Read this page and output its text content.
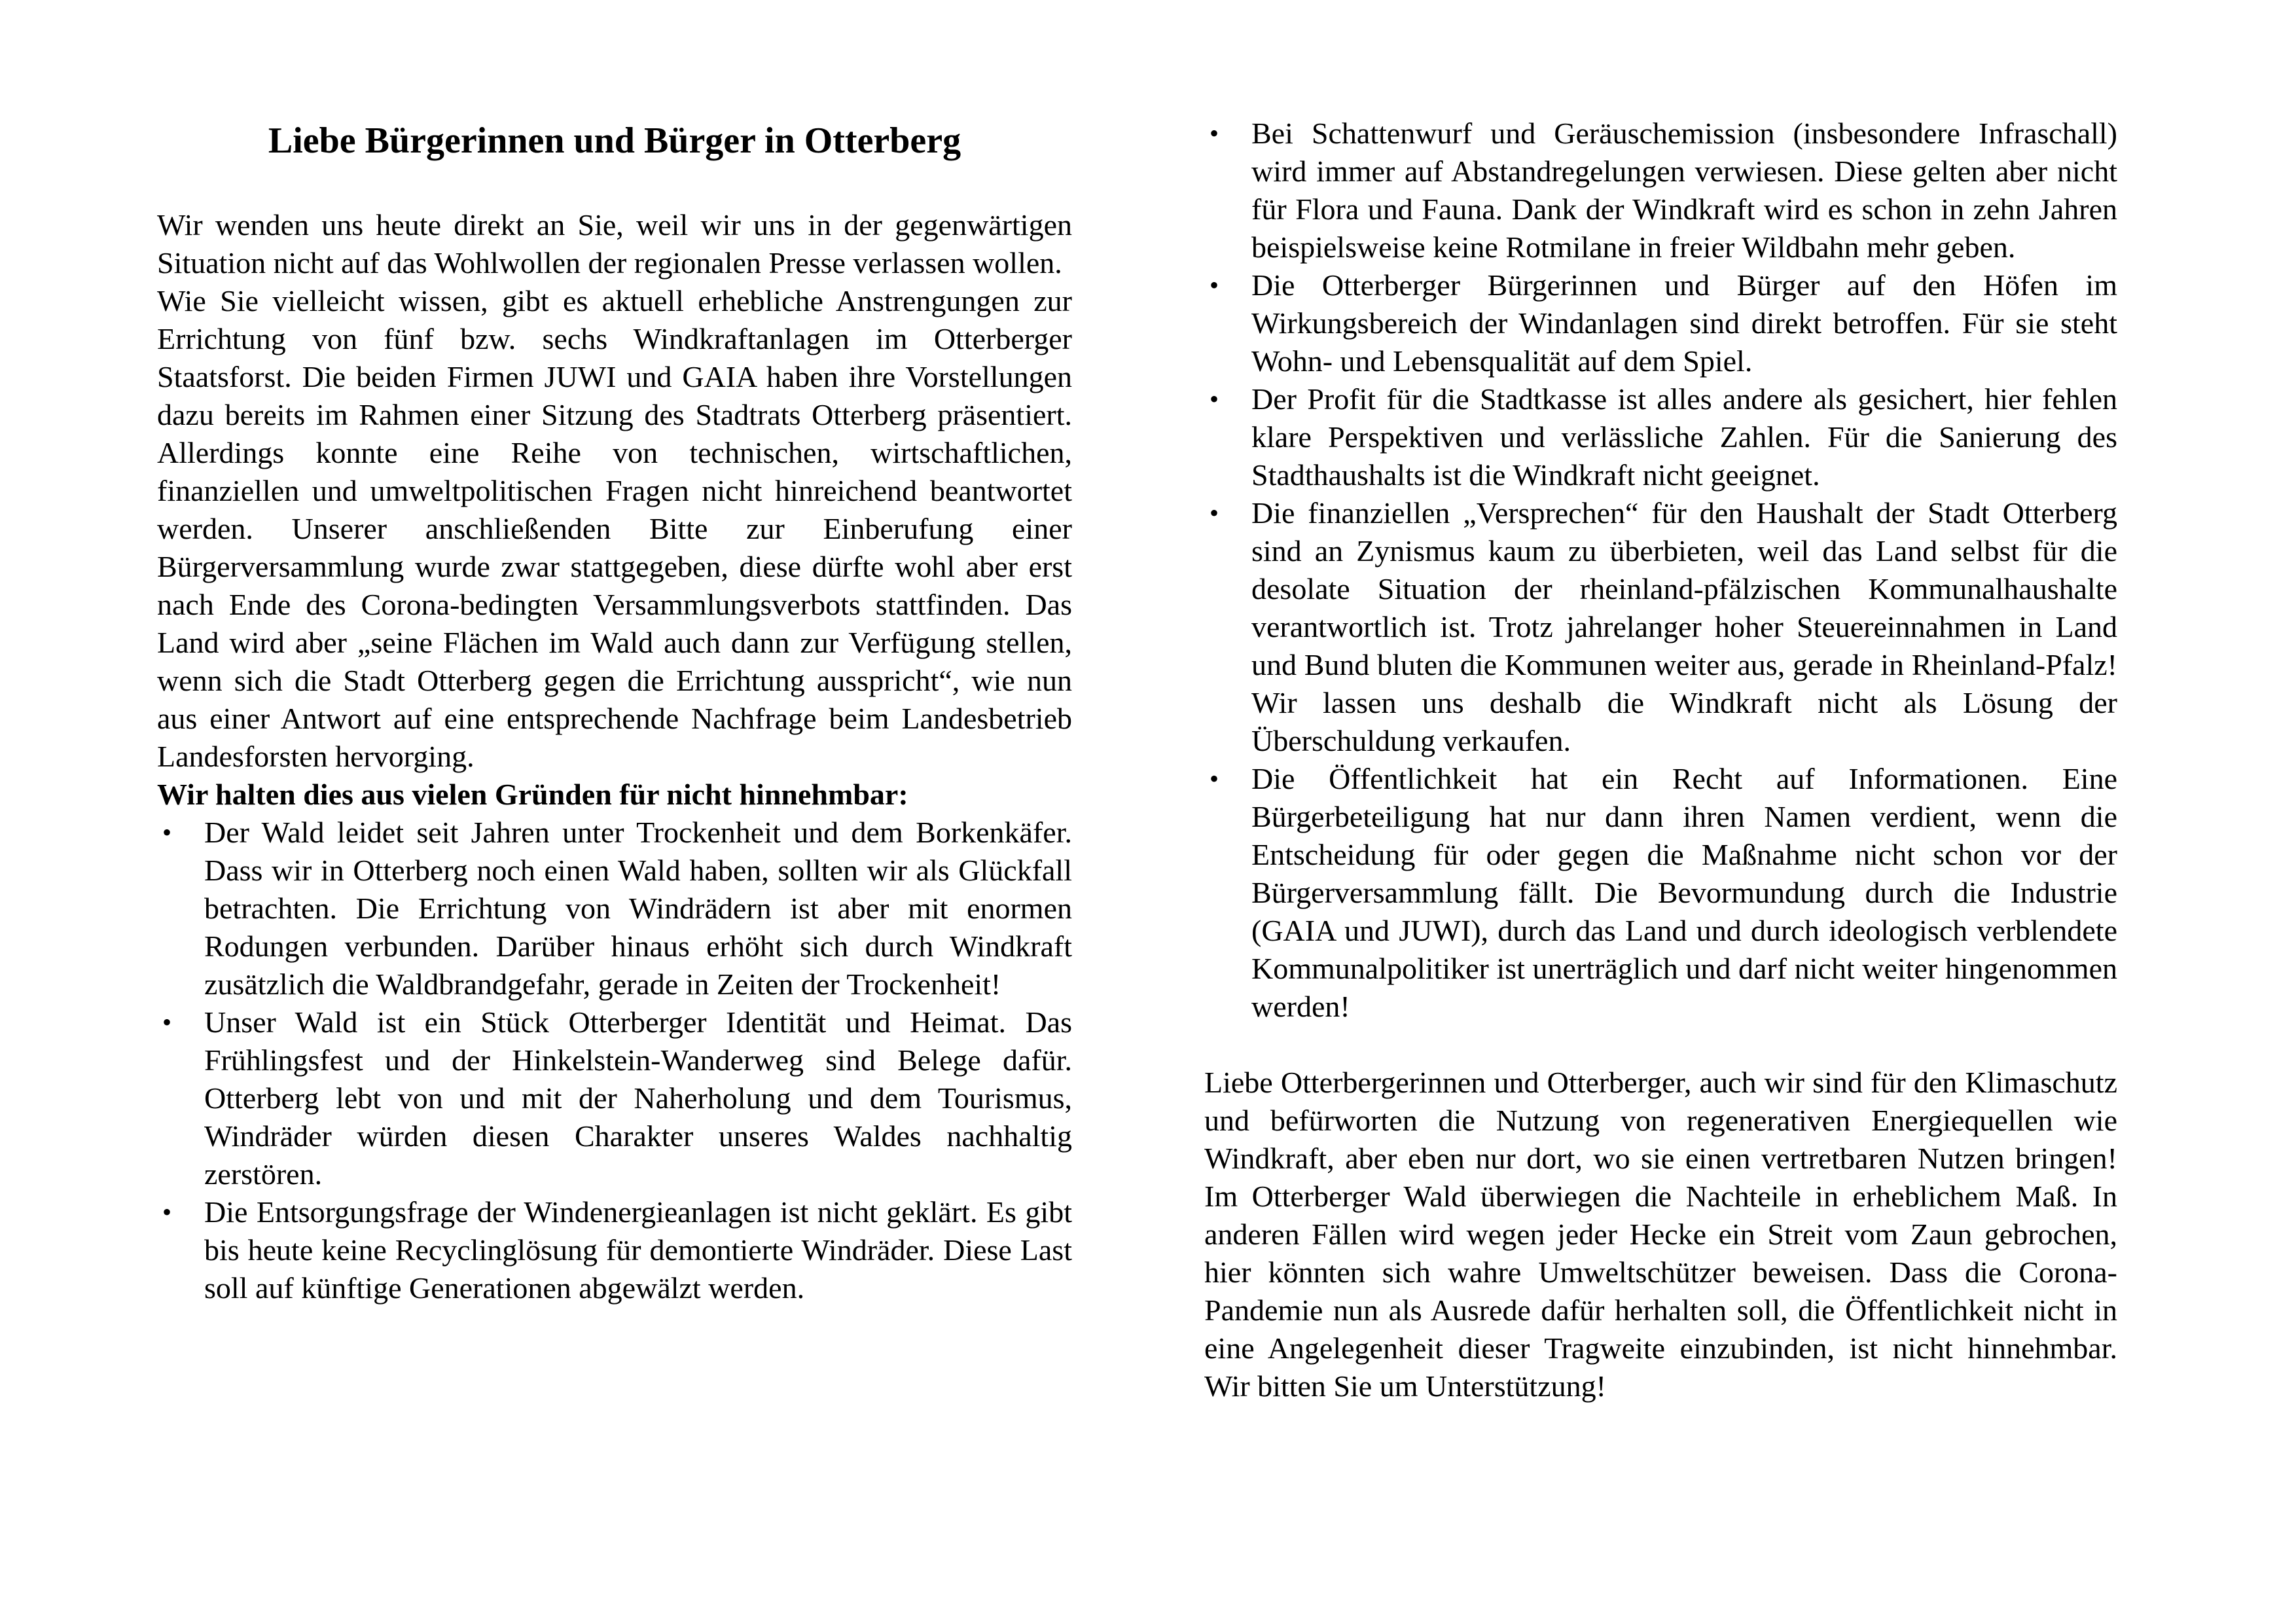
Liebe Bürgerinnen und Bürger in Otterberg

Wir wenden uns heute direkt an Sie, weil wir uns in der gegenwärtigen Situation nicht auf das Wohlwollen der regionalen Presse verlassen wollen.

Wie Sie vielleicht wissen, gibt es aktuell erhebliche Anstrengungen zur Errichtung von fünf bzw. sechs Windkraftanlagen im Otterberger Staatsforst. Die beiden Firmen JUWI und GAIA haben ihre Vorstellungen dazu bereits im Rahmen einer Sitzung des Stadtrats Otterberg präsentiert. Allerdings konnte eine Reihe von technischen, wirtschaftlichen, finanziellen und umweltpolitischen Fragen nicht hinreichend beantwortet werden. Unserer anschließenden Bitte zur Einberufung einer Bürgerversammlung wurde zwar stattgegeben, diese dürfte wohl aber erst nach Ende des Corona-bedingten Versammlungsverbots stattfinden. Das Land wird aber „seine Flächen im Wald auch dann zur Verfügung stellen, wenn sich die Stadt Otterberg gegen die Errichtung ausspricht“, wie nun aus einer Antwort auf eine entsprechende Nachfrage beim Landesbetrieb Landesforsten hervorging.

Wir halten dies aus vielen Gründen für nicht hinnehmbar:

• Der Wald leidet seit Jahren unter Trockenheit und dem Borkenkäfer. Dass wir in Otterberg noch einen Wald haben, sollten wir als Glückfall betrachten. Die Errichtung von Windrädern ist aber mit enormen Rodungen verbunden. Darüber hinaus erhöht sich durch Windkraft zusätzlich die Waldbrandgefahr, gerade in Zeiten der Trockenheit!
• Unser Wald ist ein Stück Otterberger Identität und Heimat. Das Frühlingsfest und der Hinkelstein-Wanderweg sind Belege dafür. Otterberg lebt von und mit der Naherholung und dem Tourismus, Windräder würden diesen Charakter unseres Waldes nachhaltig zerstören.
• Die Entsorgungsfrage der Windenergieanlagen ist nicht geklärt. Es gibt bis heute keine Recyclinglösung für demontierte Windräder. Diese Last soll auf künftige Generationen abgewälzt werden.
• Bei Schattenwurf und Geräuschemission (insbesondere Infraschall) wird immer auf Abstandregelungen verwiesen. Diese gelten aber nicht für Flora und Fauna. Dank der Windkraft wird es schon in zehn Jahren beispielsweise keine Rotmilane in freier Wildbahn mehr geben.
• Die Otterberger Bürgerinnen und Bürger auf den Höfen im Wirkungsbereich der Windanlagen sind direkt betroffen. Für sie steht Wohn- und Lebensqualität auf dem Spiel.
• Der Profit für die Stadtkasse ist alles andere als gesichert, hier fehlen klare Perspektiven und verlässliche Zahlen. Für die Sanierung des Stadthaushalts ist die Windkraft nicht geeignet.
• Die finanziellen „Versprechen“ für den Haushalt der Stadt Otterberg sind an Zynismus kaum zu überbieten, weil das Land selbst für die desolate Situation der rheinland-pfälzischen Kommunalhaushalte verantwortlich ist. Trotz jahrelanger hoher Steuereinnahmen in Land und Bund bluten die Kommunen weiter aus, gerade in Rheinland-Pfalz! Wir lassen uns deshalb die Windkraft nicht als Lösung der Überschuldung verkaufen.
• Die Öffentlichkeit hat ein Recht auf Informationen. Eine Bürgerbeteiligung hat nur dann ihren Namen verdient, wenn die Entscheidung für oder gegen die Maßnahme nicht schon vor der Bürgerversammlung fällt. Die Bevormundung durch die Industrie (GAIA und JUWI), durch das Land und durch ideologisch verblendete Kommunalpolitiker ist unerträglich und darf nicht weiter hingenommen werden!

Liebe Otterbergerinnen und Otterberger, auch wir sind für den Klimaschutz und befürworten die Nutzung von regenerativen Energiequellen wie Windkraft, aber eben nur dort, wo sie einen vertretbaren Nutzen bringen! Im Otterberger Wald überwiegen die Nachteile in erheblichem Maß. In anderen Fällen wird wegen jeder Hecke ein Streit vom Zaun gebrochen, hier könnten sich wahre Umweltschützer beweisen. Dass die Corona-Pandemie nun als Ausrede dafür herhalten soll, die Öffentlichkeit nicht in eine Angelegenheit dieser Tragweite einzubinden, ist nicht hinnehmbar. Wir bitten Sie um Unterstützung!
